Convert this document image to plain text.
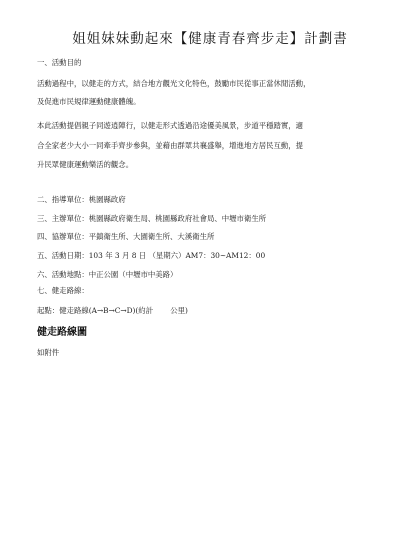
姐姐妹妹動起來【健康青春齊步走】計劃書
一、活動目的
活動過程中，以健走的方式，結合地方觀光文化特色，鼓勵市民從事正當休閒活動，
及促進市民規律運動健康體魄。
本此活動提倡親子同遊逍陣行，以健走形式透過沿途優美風景，步道平穩踏實，適
合全家老少大小一同牽手齊步參與，並藉由群眾共襄盛舉，增進地方居民互動，提
升民眾健康運動樂活的觀念。
二、指導單位：桃園縣政府
三、主辦單位：桃園縣政府衛生局、桃園縣政府社會局、中壢市衛生所
四、協辦單位：平鎮衛生所、大園衛生所、大溪衛生所
五、活動日期：103 年 3 月 8 日 （星期六）AM7：30~AM12：00
六、活動地點：中正公園（中壢市中美路）
七、健走路線：
起點：健走路線(A→B→C→D)(約計 　　公里)
健走路線圖
如附件
